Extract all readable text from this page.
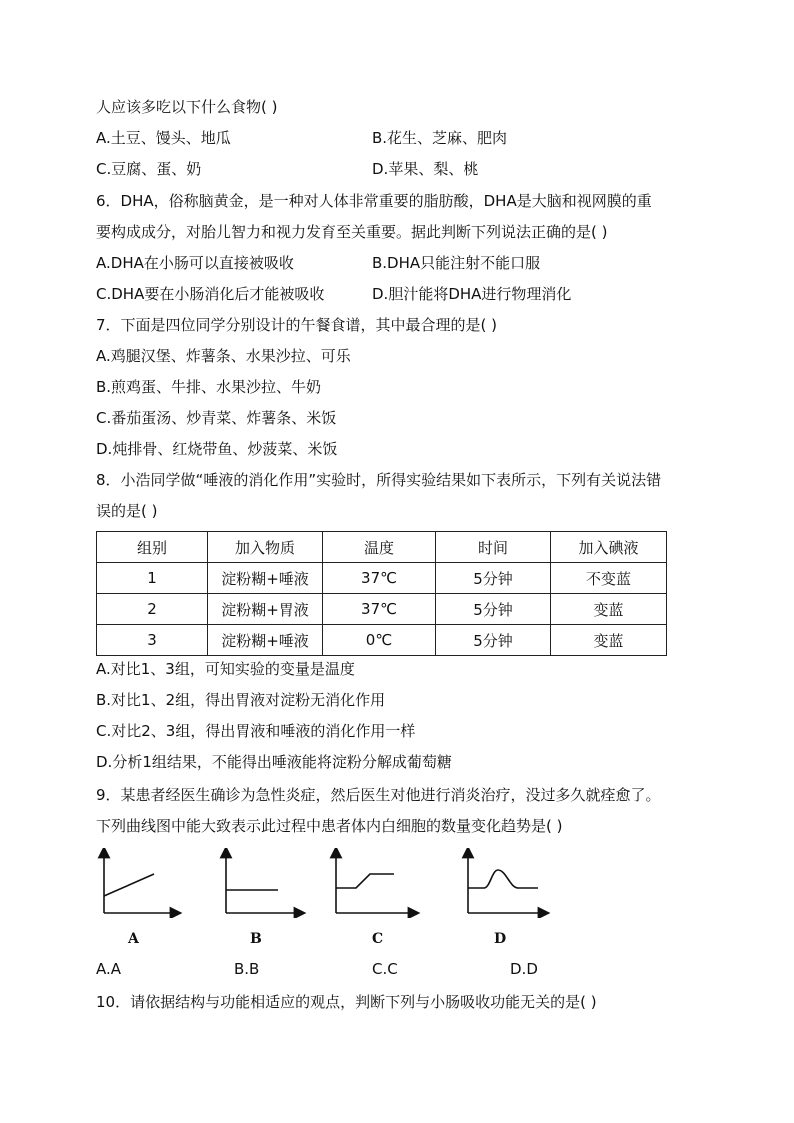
人应该多吃以下什么食物( )
A.土豆、馒头、地瓜	B.花生、芝麻、肥肉
C.豆腐、蛋、奶	D.苹果、梨、桃
6．DHA，俗称脑黄金，是一种对人体非常重要的脂肪酸，DHA是大脑和视网膜的重
要构成成分，对胎儿智力和视力发育至关重要。据此判断下列说法正确的是( )
A.DHA在小肠可以直接被吸收	B.DHA只能注射不能口服
C.DHA要在小肠消化后才能被吸收	D.胆汁能将DHA进行物理消化
7．下面是四位同学分别设计的午餐食谱，其中最合理的是( )
A.鸡腿汉堡、炸薯条、水果沙拉、可乐
B.煎鸡蛋、牛排、水果沙拉、牛奶
C.番茄蛋汤、炒青菜、炸薯条、米饭
D.炖排骨、红烧带鱼、炒菠菜、米饭
8．小浩同学做“唾液的消化作用”实验时，所得实验结果如下表所示，下列有关说法错
误的是( )
组别	加入物质	温度	时间	加入碘液
1	淀粉糊+唾液	37℃	5分钟	不变蓝
2	淀粉糊+胃液	37℃	5分钟	变蓝
3	淀粉糊+唾液	0℃	5分钟	变蓝
A.对比1、3组，可知实验的变量是温度
B.对比1、2组，得出胃液对淀粉无消化作用
C.对比2、3组，得出胃液和唾液的消化作用一样
D.分析1组结果，不能得出唾液能将淀粉分解成葡萄糖
9．某患者经医生确诊为急性炎症，然后医生对他进行消炎治疗，没过多久就痊愈了。
下列曲线图中能大致表示此过程中患者体内白细胞的数量变化趋势是( )
A	B	C	D
A.A	B.B	C.C	D.D
10．请依据结构与功能相适应的观点，判断下列与小肠吸收功能无关的是( )
